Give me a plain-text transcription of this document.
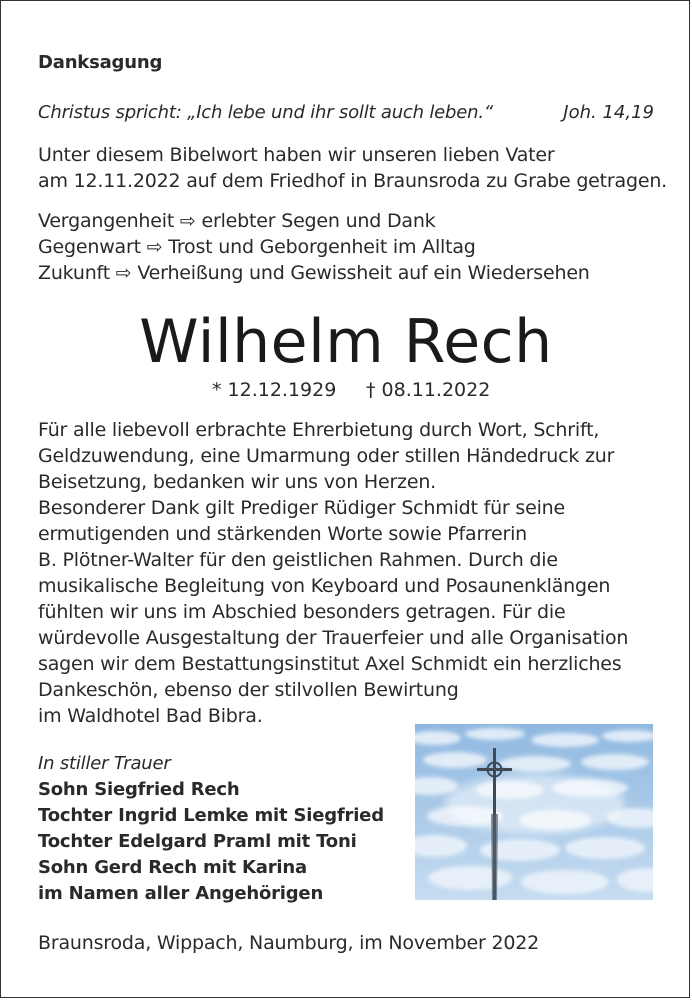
Danksagung
Christus spricht: „Ich lebe und ihr sollt auch leben.“	Joh. 14,19
Unter diesem Bibelwort haben wir unseren lieben Vater
am 12.11.2022 auf dem Friedhof in Braunsroda zu Grabe getragen.
Vergangenheit ⇨ erlebter Segen und Dank
Gegenwart ⇨ Trost und Geborgenheit im Alltag
Zukunft ⇨ Verheißung und Gewissheit auf ein Wiedersehen
Wilhelm Rech
* 12.12.1929 † 08.11.2022
Für alle liebevoll erbrachte Ehrerbietung durch Wort, Schrift,
Geldzuwendung, eine Umarmung oder stillen Händedruck zur
Beisetzung, bedanken wir uns von Herzen.
Besonderer Dank gilt Prediger Rüdiger Schmidt für seine
ermutigenden und stärkenden Worte sowie Pfarrerin
B. Plötner-Walter für den geistlichen Rahmen. Durch die
musikalische Begleitung von Keyboard und Posaunenklängen
fühlten wir uns im Abschied besonders getragen. Für die
würdevolle Ausgestaltung der Trauerfeier und alle Organisation
sagen wir dem Bestattungsinstitut Axel Schmidt ein herzliches
Dankeschön, ebenso der stilvollen Bewirtung
im Waldhotel Bad Bibra.
In stiller Trauer
Sohn Siegfried Rech
Tochter Ingrid Lemke mit Siegfried
Tochter Edelgard Praml mit Toni
Sohn Gerd Rech mit Karina
im Namen aller Angehörigen
Braunsroda, Wippach, Naumburg, im November 2022
